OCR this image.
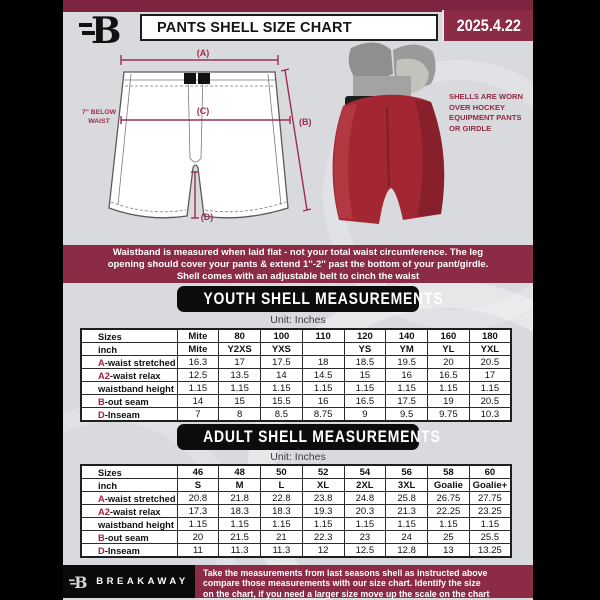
B	PANTS SHELL SIZE CHART	2025.4.22
(A)
(B)
(C)
(D)
7'' BELOW
WAIST
SHELLS ARE WORN
OVER HOCKEY
EQUIPMENT PANTS
OR GIRDLE
Waistband is measured when laid flat - not your total waist circumference. The leg
opening should cover your pants & extend 1''-2'' past the bottom of your pant/girdle.
Shell comes with an adjustable belt to cinch the waist
YOUTH SHELL MEASUREMENTS
Unit: Inches
Sizes	Mite	80	100	110	120	140	160	180
inch	Mite	Y2XS	YXS		YS	YM	YL	YXL
A-waist stretched	16.3	17	17.5	18	18.5	19.5	20	20.5
A2-waist relax	12.5	13.5	14	14.5	15	16	16.5	17
waistband height	1.15	1.15	1.15	1.15	1.15	1.15	1.15	1.15
B-out seam	14	15	15.5	16	16.5	17.5	19	20.5
D-Inseam	7	8	8.5	8.75	9	9.5	9.75	10.3
ADULT SHELL MEASUREMENTS
Unit: Inches
Sizes	46	48	50	52	54	56	58	60
inch	S	M	L	XL	2XL	3XL	Goalie	Goalie+
A-waist stretched	20.8	21.8	22.8	23.8	24.8	25.8	26.75	27.75
A2-waist relax	17.3	18.3	18.3	19.3	20.3	21.3	22.25	23.25
waistband height	1.15	1.15	1.15	1.15	1.15	1.15	1.15	1.15
B-out seam	20	21.5	21	22.3	23	24	25	25.5
D-Inseam	11	11.3	11.3	12	12.5	12.8	13	13.25
B BREAKAWAY
Take the measurements from last seasons shell as instructed above
compare those measurements with our size chart. Identify the size
on the chart, if you need a larger size move up the scale on the chart
